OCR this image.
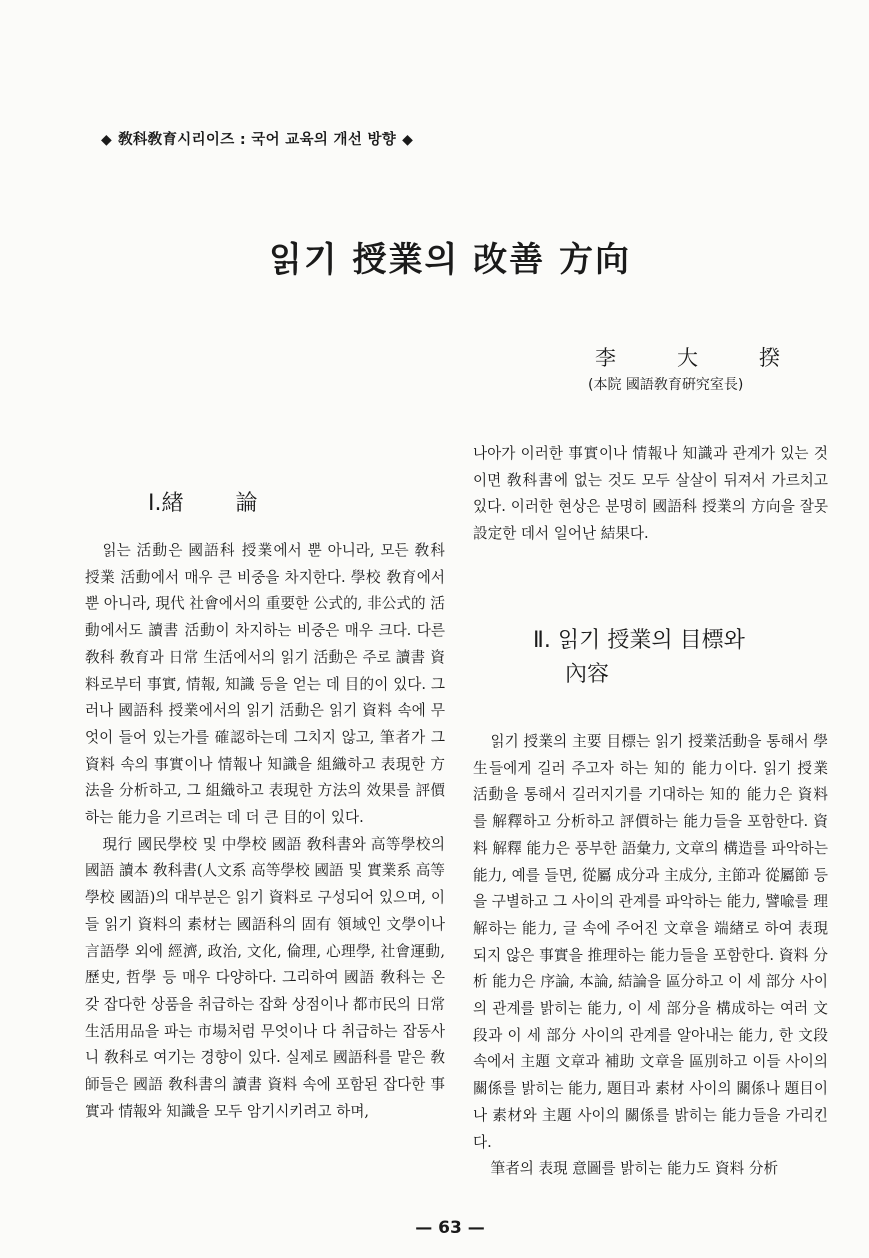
◆ 敎科敎育시리이즈 : 국어 교육의 개선 방향 ◆
읽기 授業의 改善 方向
李	大	揆
(本院 國語敎育硏究室長)
Ⅰ.緖 論

읽는 活動은 國語科 授業에서 뿐 아니라, 모든 敎科 授業 活動에서 매우 큰 비중을 차지한다. 學校 敎育에서 뿐 아니라, 現代 社會에서의 重要한 公式的, 非公式的 活動에서도 讀書 活動이 차지하는 비중은 매우 크다. 다른 敎科 敎育과 日常 生活에서의 읽기 活動은 주로 讀書 資料로부터 事實, 情報, 知識 등을 얻는 데 目的이 있다. 그러나 國語科 授業에서의 읽기 活動은 읽기 資料 속에 무엇이 들어 있는가를 確認하는데 그치지 않고, 筆者가 그 資料 속의 事實이나 情報나 知識을 組織하고 表現한 方法을 分析하고, 그 組織하고 表現한 方法의 效果를 評價하는 能力을 기르려는 데 더 큰 目的이 있다.

現行 國民學校 및 中學校 國語 敎科書와 高等學校의 國語 讀本 敎科書(人文系 高等學校 國語 및 實業系 高等學校 國語)의 대부분은 읽기 資料로 구성되어 있으며, 이들 읽기 資料의 素材는 國語科의 固有 領域인 文學이나 言語學 외에 經濟, 政治, 文化, 倫理, 心理學, 社會運動, 歷史, 哲學 등 매우 다양하다. 그리하여 國語 敎科는 온갖 잡다한 상품을 취급하는 잡화 상점이나 都市民의 日常 生活用品을 파는 市場처럼 무엇이나 다 취급하는 잡동사니 敎科로 여기는 경향이 있다. 실제로 國語科를 맡은 敎師들은 國語 敎科書의 讀書 資料 속에 포함된 잡다한 事實과 情報와 知識을 모두 암기시키려고 하며,

나아가 이러한 事實이나 情報나 知識과 관계가 있는 것이면 敎科書에 없는 것도 모두 살살이 뒤져서 가르치고 있다. 이러한 현상은 분명히 國語科 授業의 方向을 잘못 設定한 데서 일어난 結果다.

Ⅱ. 읽기 授業의 目標와
內容

읽기 授業의 主要 目標는 읽기 授業活動을 통해서 學生들에게 길러 주고자 하는 知的 能力이다. 읽기 授業 活動을 통해서 길러지기를 기대하는 知的 能力은 資料를 解釋하고 分析하고 評價하는 能力들을 포함한다. 資料 解釋 能力은 풍부한 語彙力, 文章의 構造를 파악하는 能力, 예를 들면, 從屬 成分과 主成分, 主節과 從屬節 등을 구별하고 그 사이의 관계를 파악하는 能力, 譬喩를 理解하는 能力, 글 속에 주어진 文章을 端緖로 하여 表現되지 않은 事實을 推理하는 能力들을 포함한다. 資料 分析 能力은 序論, 本論, 結論을 區分하고 이 세 部分 사이의 관계를 밝히는 能力, 이 세 部分을 構成하는 여러 文段과 이 세 部分 사이의 관계를 알아내는 能力, 한 文段 속에서 主題 文章과 補助 文章을 區別하고 이들 사이의 關係를 밝히는 能力, 題目과 素材 사이의 關係나 題目이나 素材와 主題 사이의 關係를 밝히는 能力들을 가리킨다.

筆者의 表現 意圖를 밝히는 能力도 資料 分析

— 63 —
